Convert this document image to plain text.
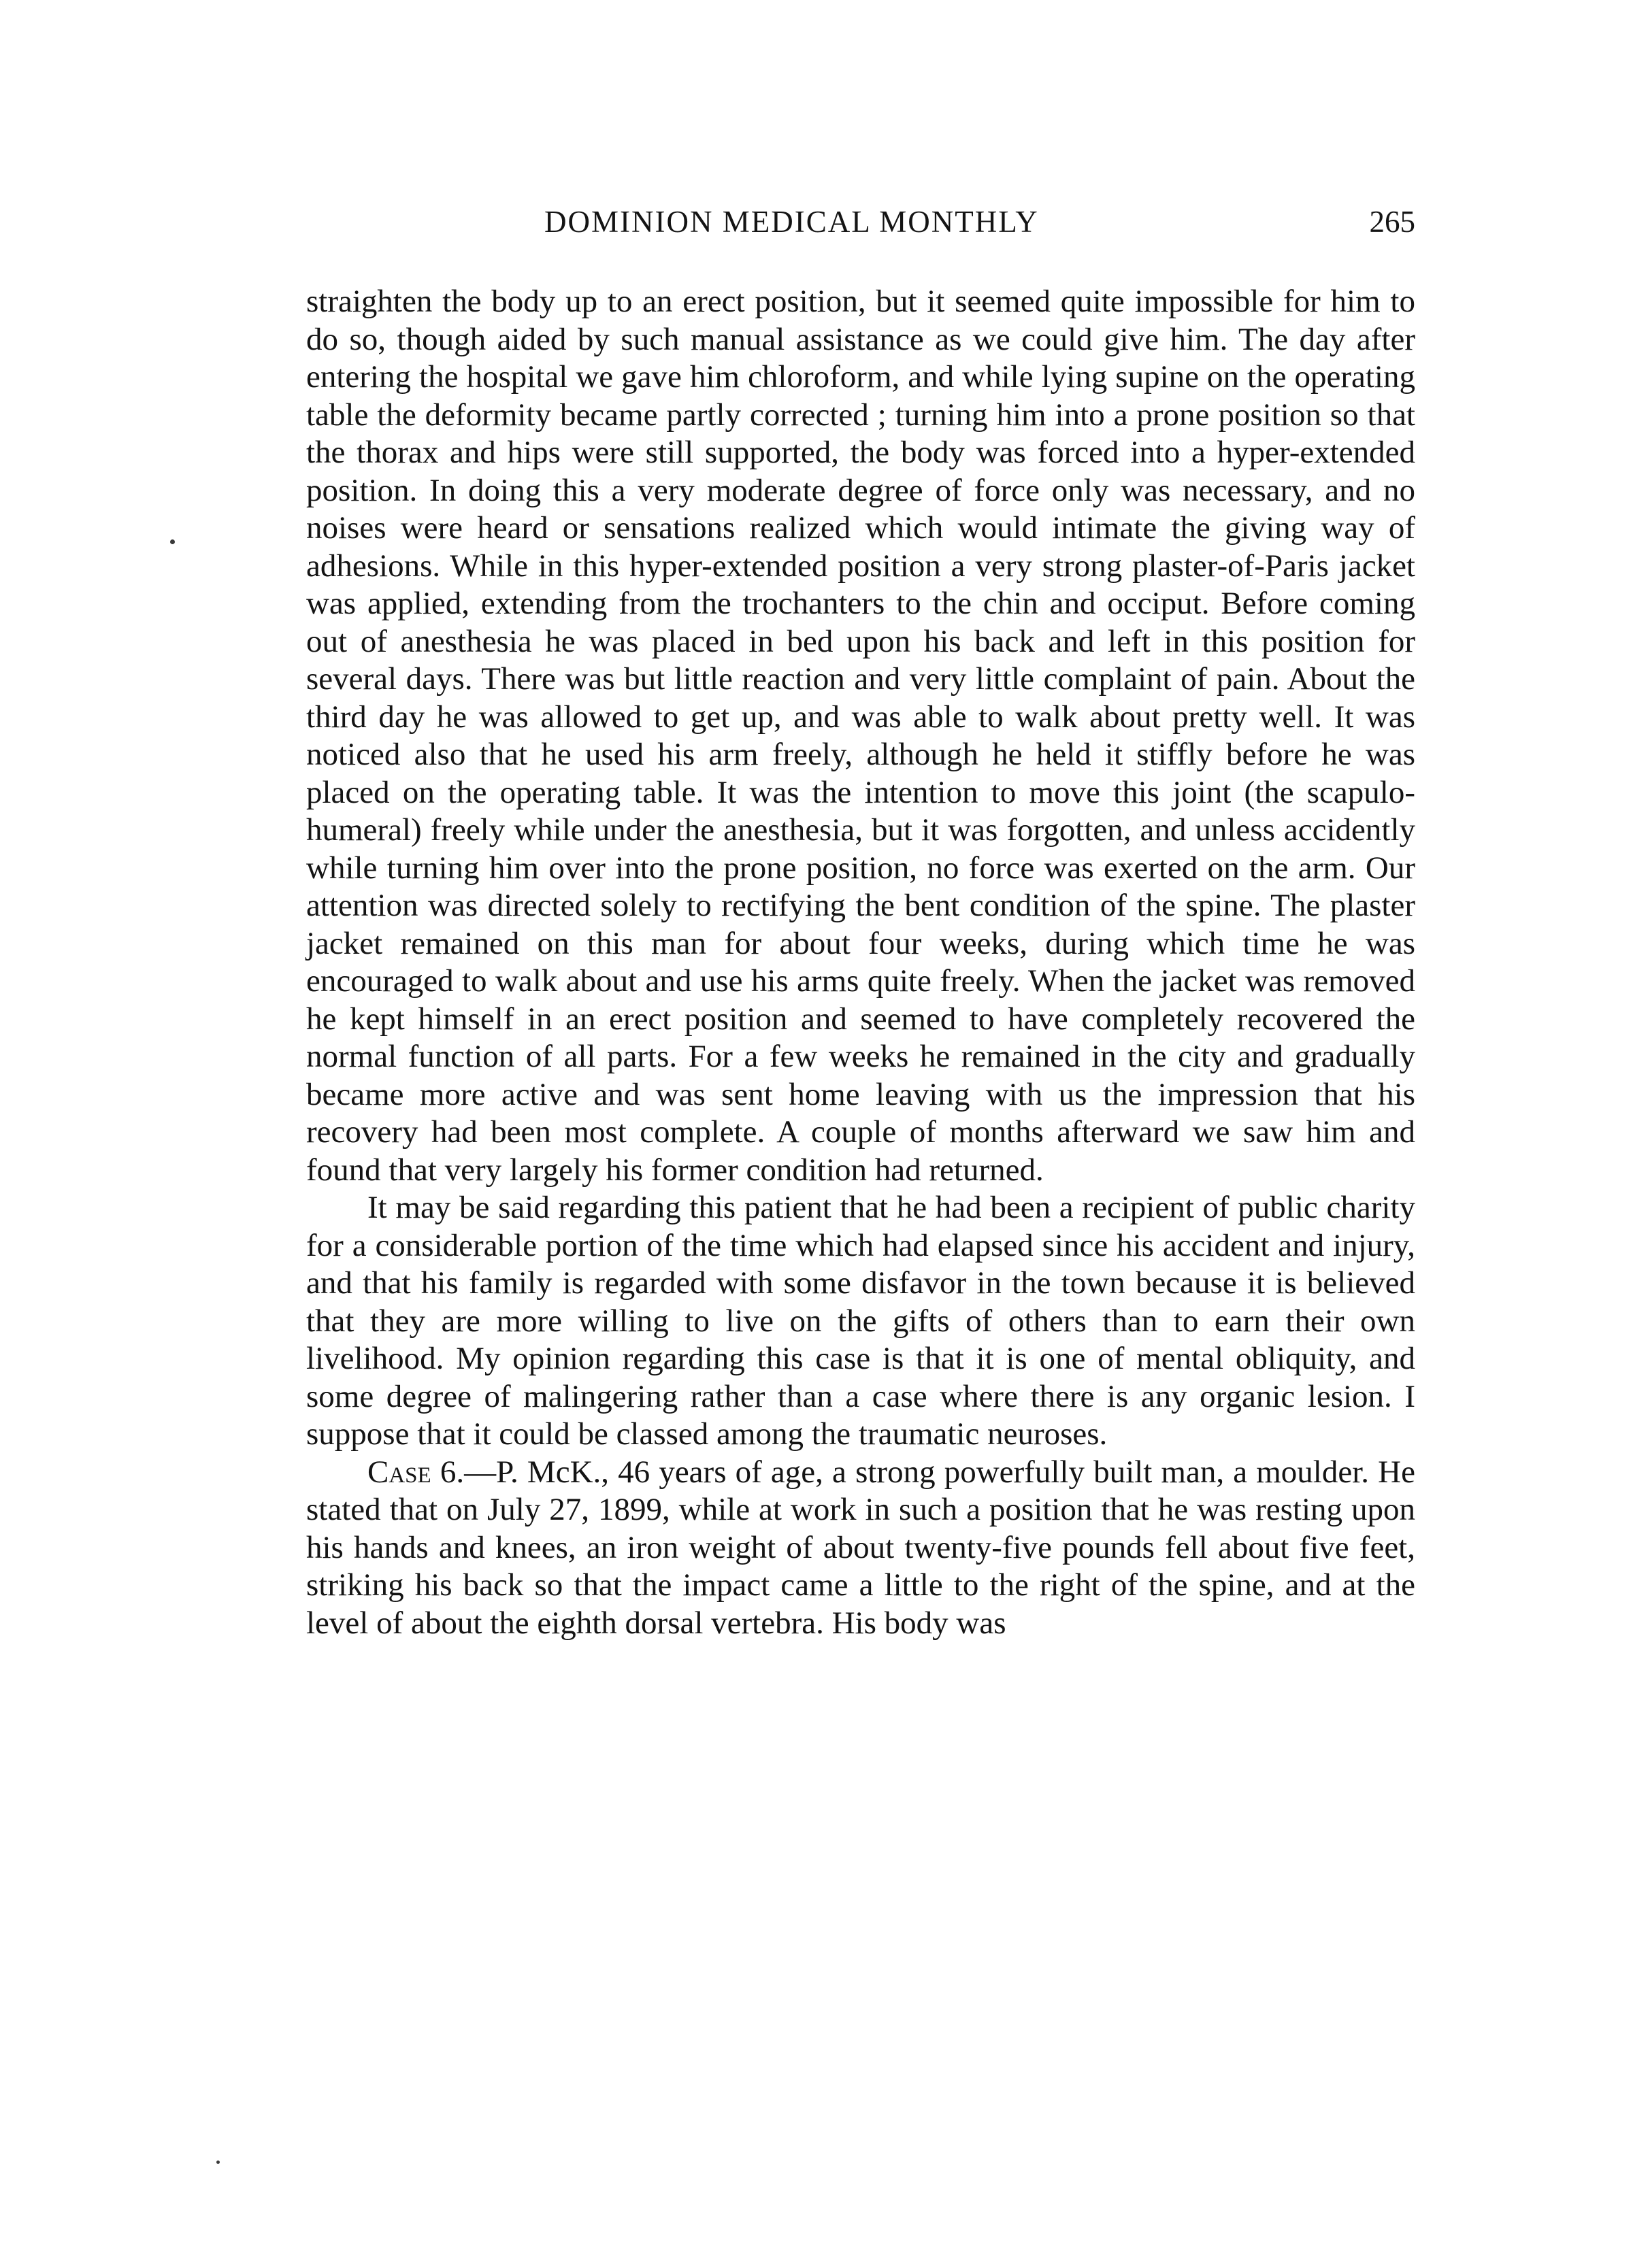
DOMINION MEDICAL MONTHLY	265

straighten the body up to an erect position, but it seemed quite impossible for him to do so, though aided by such manual assistance as we could give him. The day after entering the hospital we gave him chloroform, and while lying supine on the operating table the deformity became partly corrected ; turning him into a prone position so that the thorax and hips were still supported, the body was forced into a hyper-extended position. In doing this a very moderate degree of force only was necessary, and no noises were heard or sensations realized which would intimate the giving way of adhesions. While in this hyper-extended position a very strong plaster-of-Paris jacket was applied, extending from the trochanters to the chin and occiput. Before coming out of anesthesia he was placed in bed upon his back and left in this position for several days. There was but little reaction and very little complaint of pain. About the third day he was allowed to get up, and was able to walk about pretty well. It was noticed also that he used his arm freely, although he held it stiffly before he was placed on the operating table. It was the intention to move this joint (the scapulo-humeral) freely while under the anesthesia, but it was forgotten, and unless accidently while turning him over into the prone position, no force was exerted on the arm. Our attention was directed solely to rectifying the bent condition of the spine. The plaster jacket remained on this man for about four weeks, during which time he was encouraged to walk about and use his arms quite freely. When the jacket was removed he kept himself in an erect position and seemed to have completely recovered the normal function of all parts. For a few weeks he remained in the city and gradually became more active and was sent home leaving with us the impression that his recovery had been most complete. A couple of months afterward we saw him and found that very largely his former condition had returned.

It may be said regarding this patient that he had been a recipient of public charity for a considerable portion of the time which had elapsed since his accident and injury, and that his family is regarded with some disfavor in the town because it is believed that they are more willing to live on the gifts of others than to earn their own livelihood. My opinion regarding this case is that it is one of mental obliquity, and some degree of malingering rather than a case where there is any organic lesion. I suppose that it could be classed among the traumatic neuroses.

Case 6.—P. McK., 46 years of age, a strong powerfully built man, a moulder. He stated that on July 27, 1899, while at work in such a position that he was resting upon his hands and knees, an iron weight of about twenty-five pounds fell about five feet, striking his back so that the impact came a little to the right of the spine, and at the level of about the eighth dorsal vertebra. His body was
